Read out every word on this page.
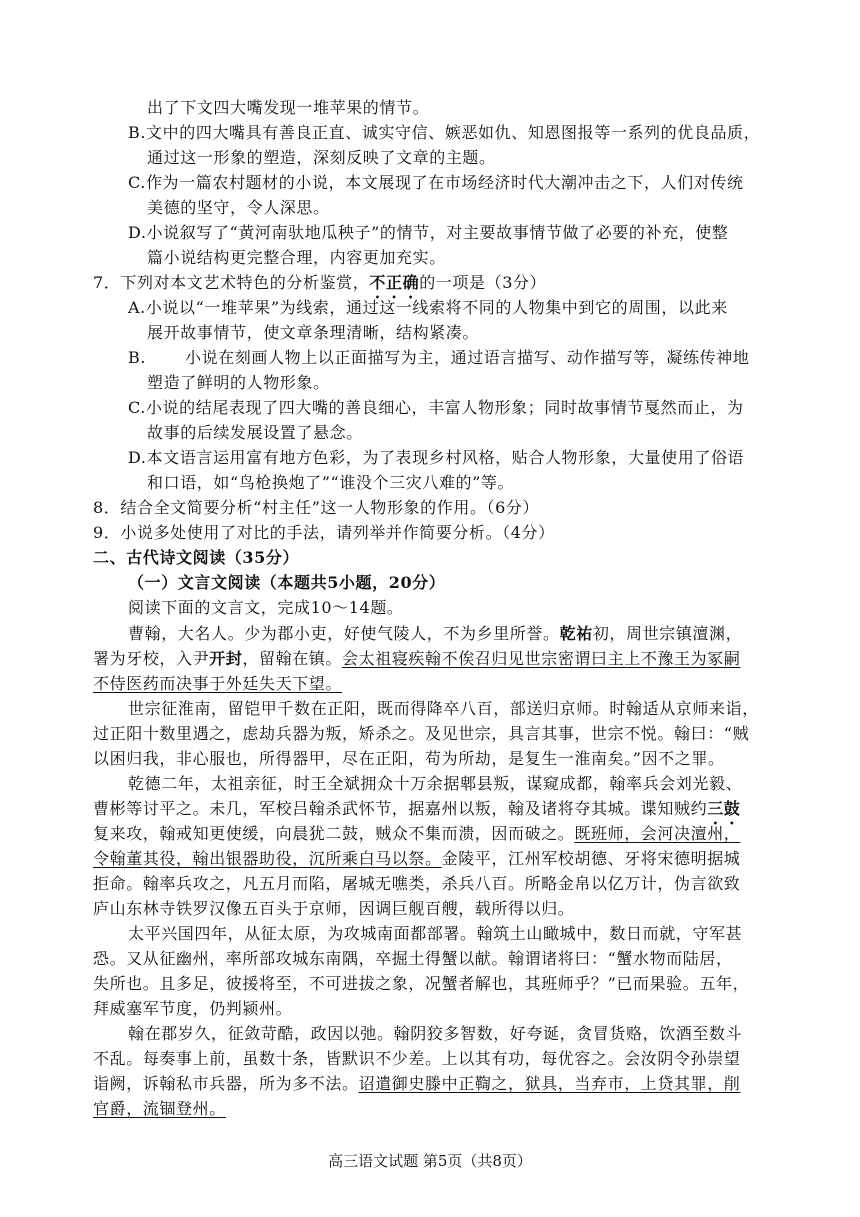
出了下文四大嘴发现一堆苹果的情节。
B.文中的四大嘴具有善良正直、诚实守信、嫉恶如仇、知恩图报等一系列的优良品质，
通过这一形象的塑造，深刻反映了文章的主题。
C.作为一篇农村题材的小说，本文展现了在市场经济时代大潮冲击之下，人们对传统
美德的坚守，令人深思。
D.小说叙写了“黄河南驮地瓜秧子”的情节，对主要故事情节做了必要的补充，使整
篇小说结构更完整合理，内容更加充实。
7．下列对本文艺术特色的分析鉴赏，不正确的一项是（3分）
A.小说以“一堆苹果”为线索，通过这一线索将不同的人物集中到它的周围，以此来
展开故事情节，使文章条理清晰，结构紧凑。
B. 小说在刻画人物上以正面描写为主，通过语言描写、动作描写等，凝练传神地
塑造了鲜明的人物形象。
C.小说的结尾表现了四大嘴的善良细心，丰富人物形象；同时故事情节戛然而止，为
故事的后续发展设置了悬念。
D.本文语言运用富有地方色彩，为了表现乡村风格，贴合人物形象，大量使用了俗语
和口语，如“鸟枪换炮了”“谁没个三灾八难的”等。
8．结合全文简要分析“村主任”这一人物形象的作用。（6分）
9．小说多处使用了对比的手法，请列举并作简要分析。（4分）
二、古代诗文阅读（35分）
（一）文言文阅读（本题共5小题，20分）
阅读下面的文言文，完成10～14题。
曹翰，大名人。少为郡小吏，好使气陵人，不为乡里所誉。乾祐初，周世宗镇澶渊，
署为牙校，入尹开封，留翰在镇。会太祖寝疾翰不俟召归见世宗密谓曰主上不豫王为冢嗣
不侍医药而决事于外廷失天下望。
世宗征淮南，留铠甲千数在正阳，既而得降卒八百，部送归京师。时翰适从京师来诣，
过正阳十数里遇之，虑劫兵器为叛，矫杀之。及见世宗，具言其事，世宗不悦。翰曰：“贼
以困归我，非心服也，所得器甲，尽在正阳，苟为所劫，是复生一淮南矣。”因不之罪。
乾德二年，太祖亲征，时王全斌拥众十万余据郫县叛，谋窥成都，翰率兵会刘光毅、
曹彬等讨平之。未几，军校吕翰杀武怀节，据嘉州以叛，翰及诸将夺其城。谍知贼约三鼓
复来攻，翰戒知更使缓，向晨犹二鼓，贼众不集而溃，因而破之。既班师，会河决澶州，
令翰董其役，翰出银器助役，沉所乘白马以祭。金陵平，江州军校胡德、牙将宋德明据城
拒命。翰率兵攻之，凡五月而陷，屠城无噍类，杀兵八百。所略金帛以亿万计，伪言欲致
庐山东林寺铁罗汉像五百头于京师，因调巨舰百艘，载所得以归。
太平兴国四年，从征太原，为攻城南面都部署。翰筑土山瞰城中，数日而就，守军甚
恐。又从征幽州，率所部攻城东南隅，卒掘土得蟹以献。翰谓诸将曰：“蟹水物而陆居，
失所也。且多足，彼援将至，不可进拔之象，况蟹者解也，其班师乎？”已而果验。五年，
拜威塞军节度，仍判颍州。
翰在郡岁久，征敛苛酷，政因以弛。翰阴狡多智数，好夸诞，贪冒货赂，饮酒至数斗
不乱。每奏事上前，虽数十条，皆默识不少差。上以其有功，每优容之。会汝阴令孙崇望
诣阙，诉翰私市兵器，所为多不法。诏遣御史滕中正鞫之，狱具，当弃市，上贷其罪，削
官爵，流锢登州。
高三语文试题 第5页（共8页）
